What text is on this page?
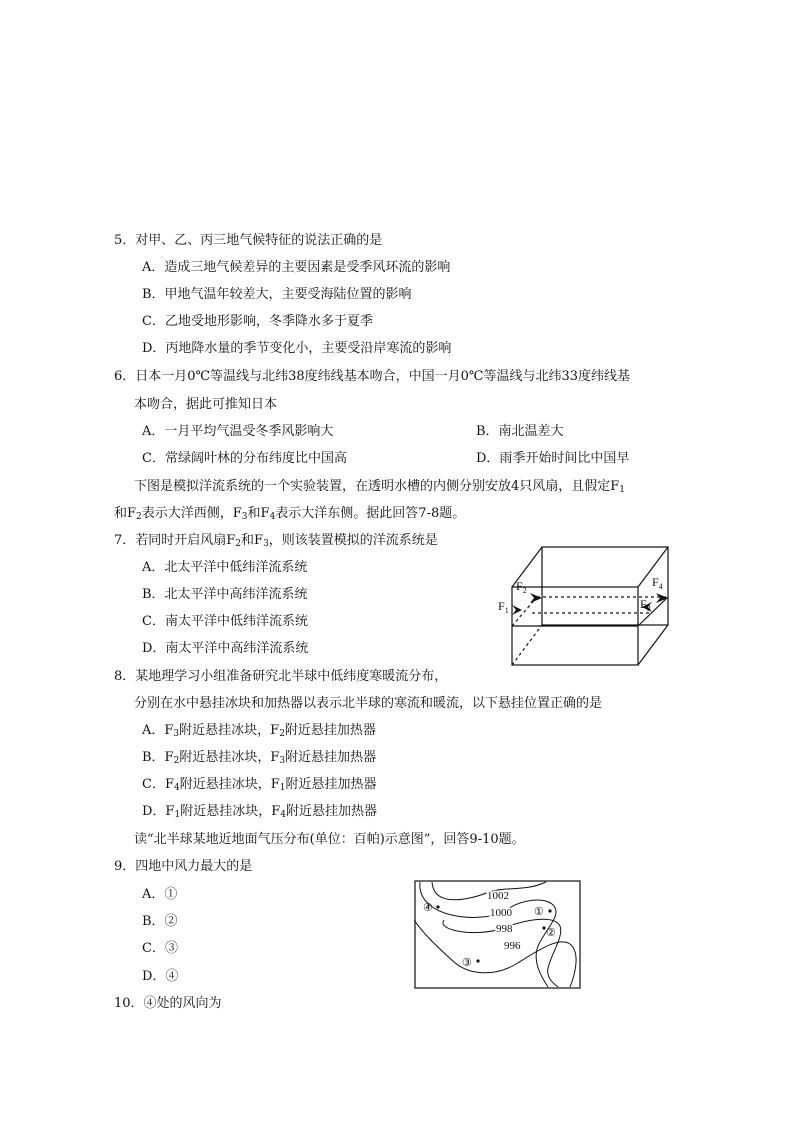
5．对甲、乙、丙三地气候特征的说法正确的是
A．造成三地气候差异的主要因素是受季风环流的影响
B．甲地气温年较差大，主要受海陆位置的影响
C．乙地受地形影响，冬季降水多于夏季
D．丙地降水量的季节变化小，主要受沿岸寒流的影响
6．日本一月0℃等温线与北纬38度纬线基本吻合，中国一月0℃等温线与北纬33度纬线基
本吻合，据此可推知日本
A．一月平均气温受冬季风影响大	B．南北温差大
C．常绿阔叶林的分布纬度比中国高	D．雨季开始时间比中国早
下图是模拟洋流系统的一个实验装置，在透明水槽的内侧分别安放4只风扇，且假定$F_1$
和$F_2$表示大洋西侧，$F_3$和$F_4$表示大洋东侧。据此回答7-8题。
7．若同时开启风扇$F_2$和$F_3$，则该装置模拟的洋流系统是
A．北太平洋中低纬洋流系统
B．北太平洋中高纬洋流系统
C．南太平洋中低纬洋流系统
D．南太平洋中高纬洋流系统
$F_2$
$F_1$	$F_3$
$F_4$
8．某地理学习小组准备研究北半球中低纬度寒暖流分布，
分别在水中悬挂冰块和加热器以表示北半球的寒流和暖流，以下悬挂位置正确的是
A．$F_3$附近悬挂冰块，$F_2$附近悬挂加热器
B．$F_2$附近悬挂冰块，$F_3$附近悬挂加热器
C．$F_4$附近悬挂冰块，$F_1$附近悬挂加热器
D．$F_1$附近悬挂冰块，$F_4$附近悬挂加热器
读“北半球某地近地面气压分布(单位：百帕)示意图”，回答9-10题。
9．四地中风力最大的是
A．①
B．②
C．③
D．④
1002
1000
998
996
①
②
③
④
10．④处的风向为
